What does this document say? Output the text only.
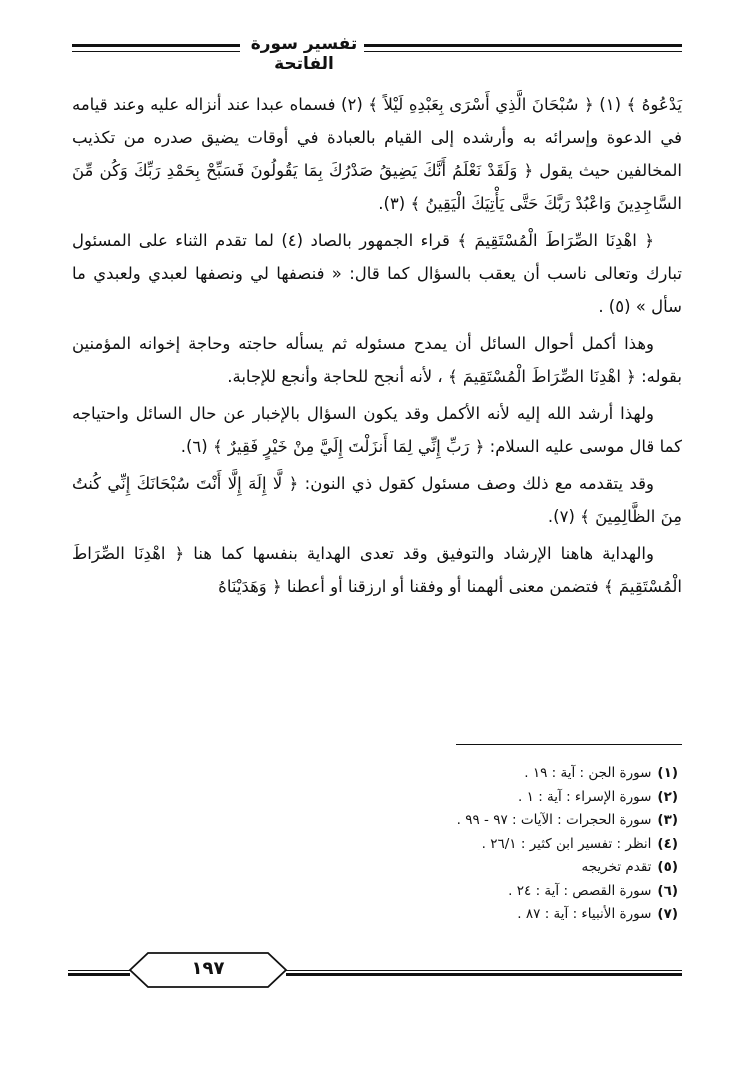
تفسير سورة الفاتحة

يَدْعُوهُ ﴾ (١) ﴿ سُبْحَانَ الَّذِي أَسْرَى بِعَبْدِهِ لَيْلاً ﴾ (٢) فسماه عبدا عند أنزاله عليه وعند قيامه في الدعوة وإسرائه به وأرشده إلى القيام بالعبادة في أوقات يضيق صدره من تكذيب المخالفين حيث يقول ﴿ وَلَقَدْ نَعْلَمُ أَنَّكَ يَضِيقُ صَدْرُكَ بِمَا يَقُولُونَ فَسَبِّحْ بِحَمْدِ رَبِّكَ وَكُن مِّنَ السَّاجِدِينَ وَاعْبُدْ رَبَّكَ حَتَّى يَأْتِيَكَ الْيَقِينُ ﴾ (٣).

﴿ اهْدِنَا الصِّرَاطَ الْمُسْتَقِيمَ ﴾ قراء الجمهور بالصاد (٤) لما تقدم الثناء على المسئول تبارك وتعالى ناسب أن يعقب بالسؤال كما قال: « فنصفها لي ونصفها لعبدي ولعبدي ما سأل » (٥) .

وهذا أكمل أحوال السائل أن يمدح مسئوله ثم يسأله حاجته وحاجة إخوانه المؤمنين بقوله: ﴿ اهْدِنَا الصِّرَاطَ الْمُسْتَقِيمَ ﴾ ، لأنه أنجح للحاجة وأنجع للإجابة.

ولهذا أرشد الله إليه لأنه الأكمل وقد يكون السؤال بالإخبار عن حال السائل واحتياجه كما قال موسى عليه السلام: ﴿ رَبِّ إِنِّي لِمَا أَنزَلْتَ إِلَيَّ مِنْ خَيْرٍ فَقِيرٌ ﴾ (٦).

وقد يتقدمه مع ذلك وصف مسئول كقول ذي النون: ﴿ لَّا إِلَهَ إِلَّا أَنْتَ سُبْحَانَكَ إِنِّي كُنتُ مِنَ الظَّالِمِينَ ﴾ (٧).

والهداية هاهنا الإرشاد والتوفيق وقد تعدى الهداية بنفسها كما هنا ﴿ اهْدِنَا الصِّرَاطَ الْمُسْتَقِيمَ ﴾ فتضمن معنى ألهمنا أو وفقنا أو ارزقنا أو أعطنا ﴿ وَهَدَيْنَاهُ

(١)سورة الجن : آية : ١٩ .
(٢)سورة الإسراء : آية : ١ .
(٣)سورة الحجرات : الآيات : ٩٧ - ٩٩ .
(٤)انظر : تفسير ابن كثير : ٢٦/١ .
(٥)تقدم تخريجه
(٦)سورة القصص : آية : ٢٤ .
(٧)سورة الأنبياء : آية : ٨٧ .
١٩٧
